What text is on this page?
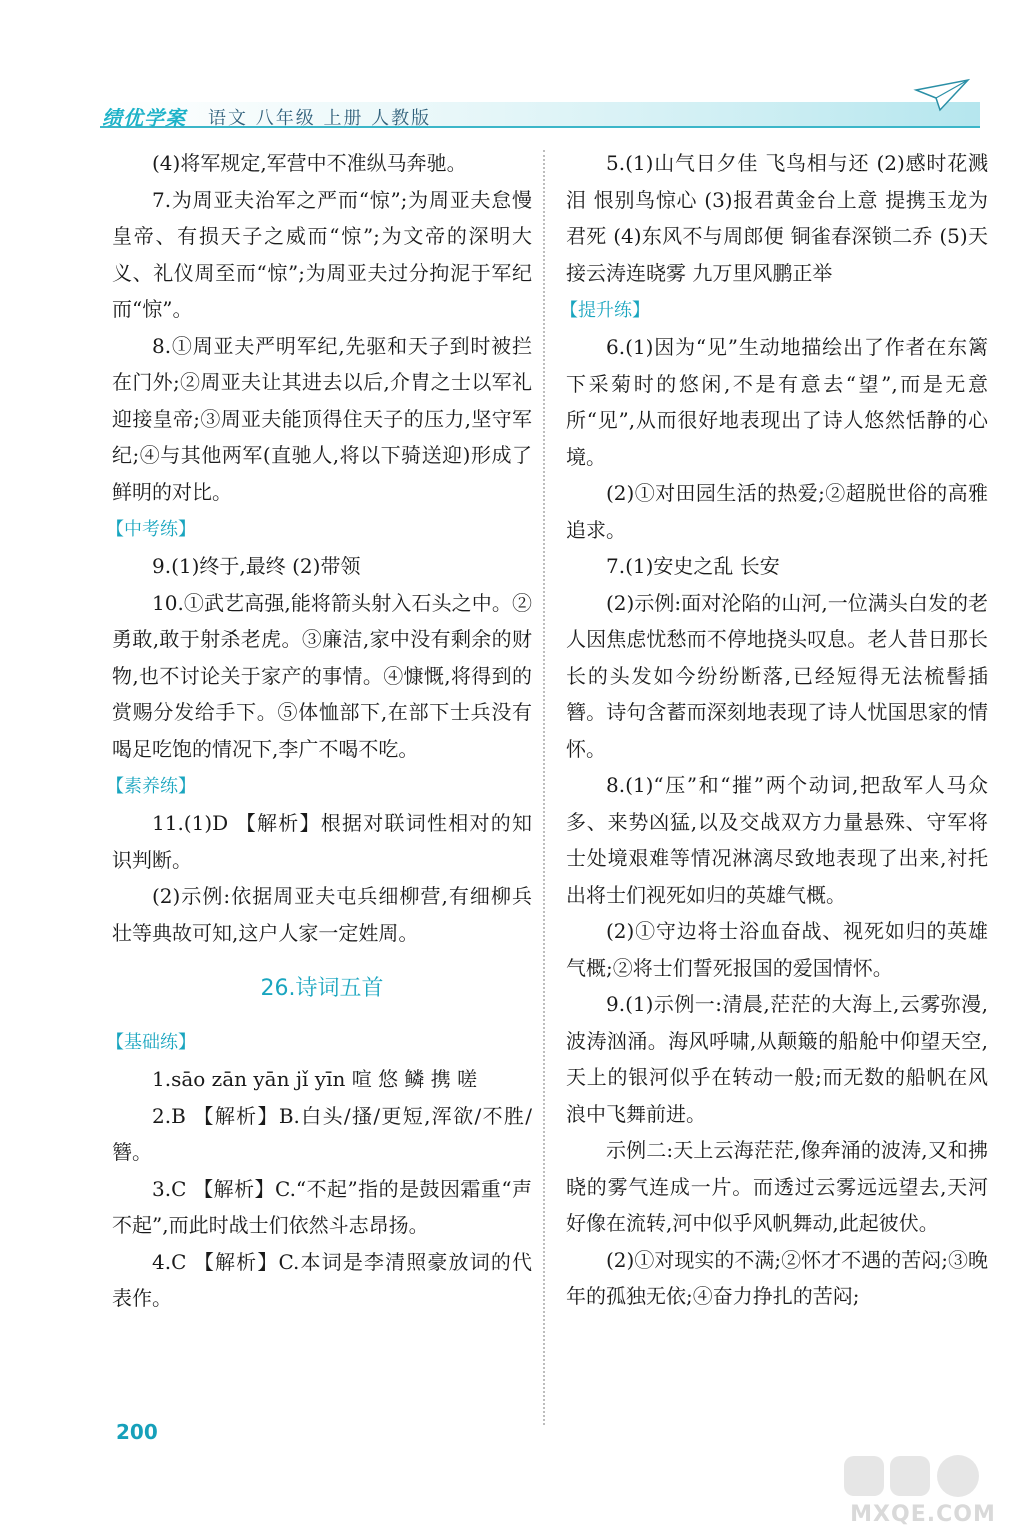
绩优学案 语文 八年级 上册 人教版

(4)将军规定,军营中不准纵马奔驰。

7.为周亚夫治军之严而“惊”;为周亚夫怠慢皇帝、有损天子之威而“惊”;为文帝的深明大义、礼仪周至而“惊”;为周亚夫过分拘泥于军纪而“惊”。

8.①周亚夫严明军纪,先驱和天子到时被拦在门外;②周亚夫让其进去以后,介胄之士以军礼迎接皇帝;③周亚夫能顶得住天子的压力,坚守军纪;④与其他两军(直驰人,将以下骑送迎)形成了鲜明的对比。

【中考练】

9.(1)终于,最终 (2)带领

10.①武艺高强,能将箭头射入石头之中。②勇敢,敢于射杀老虎。③廉洁,家中没有剩余的财物,也不讨论关于家产的事情。④慷慨,将得到的赏赐分发给手下。⑤体恤部下,在部下士兵没有喝足吃饱的情况下,李广不喝不吃。

【素养练】

11.(1)D 【解析】根据对联词性相对的知识判断。

(2)示例:依据周亚夫屯兵细柳营,有细柳兵壮等典故可知,这户人家一定姓周。

26.诗词五首
【基础练】

1.sāo zān yān jǐ yīn 喧 悠 鳞 携 嗟

2.B 【解析】B.白头/搔/更短,浑欲/不胜/簪。

3.C 【解析】C.“不起”指的是鼓因霜重“声不起”,而此时战士们依然斗志昂扬。

4.C 【解析】C.本词是李清照豪放词的代表作。

5.(1)山气日夕佳 飞鸟相与还 (2)感时花溅泪 恨别鸟惊心 (3)报君黄金台上意 提携玉龙为君死 (4)东风不与周郎便 铜雀春深锁二乔 (5)天接云涛连晓雾 九万里风鹏正举

【提升练】

6.(1)因为“见”生动地描绘出了作者在东篱下采菊时的悠闲,不是有意去“望”,而是无意所“见”,从而很好地表现出了诗人悠然恬静的心境。

(2)①对田园生活的热爱;②超脱世俗的高雅追求。

7.(1)安史之乱 长安

(2)示例:面对沦陷的山河,一位满头白发的老人因焦虑忧愁而不停地挠头叹息。老人昔日那长长的头发如今纷纷断落,已经短得无法梳髻插簪。诗句含蓄而深刻地表现了诗人忧国思家的情怀。

8.(1)“压”和“摧”两个动词,把敌军人马众多、来势凶猛,以及交战双方力量悬殊、守军将士处境艰难等情况淋漓尽致地表现了出来,衬托出将士们视死如归的英雄气概。

(2)①守边将士浴血奋战、视死如归的英雄气概;②将士们誓死报国的爱国情怀。

9.(1)示例一:清晨,茫茫的大海上,云雾弥漫,波涛汹涌。海风呼啸,从颠簸的船舱中仰望天空,天上的银河似乎在转动一般;而无数的船帆在风浪中飞舞前进。

示例二:天上云海茫茫,像奔涌的波涛,又和拂晓的雾气连成一片。而透过云雾远远望去,天河好像在流转,河中似乎风帆舞动,此起彼伏。

(2)①对现实的不满;②怀才不遇的苦闷;③晚年的孤独无依;④奋力挣扎的苦闷;

200
MXQE.COM
